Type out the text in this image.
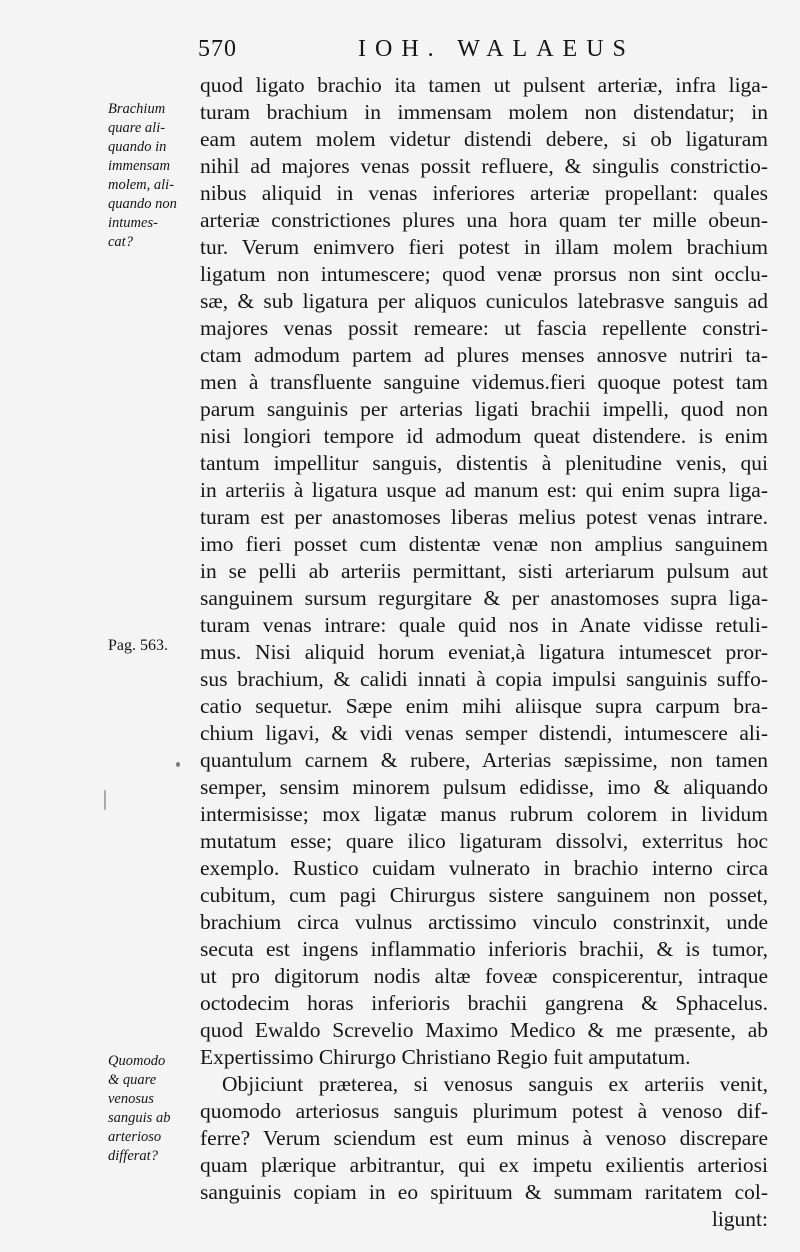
570	IOH. WALAEUS
Brachium
quare ali-
quando in
immensam
molem, ali-
quando non
intumes-
cat?
Pag. 563.
Quomodo
& quare
venosus
sanguis ab
arterioso
differat?
quod ligato brachio ita tamen ut pulsent arteriæ, infra liga-
turam brachium in immensam molem non distendatur; in
eam autem molem videtur distendi debere, si ob ligaturam
nihil ad majores venas possit refluere, & singulis constrictio-
nibus aliquid in venas inferiores arteriæ propellant: quales
arteriæ constrictiones plures una hora quam ter mille obeun-
tur. Verum enimvero fieri potest in illam molem brachium
ligatum non intumescere; quod venæ prorsus non sint occlu-
sæ, & sub ligatura per aliquos cuniculos latebrasve sanguis ad
majores venas possit remeare: ut fascia repellente constri-
ctam admodum partem ad plures menses annosve nutriri ta-
men à transfluente sanguine videmus.fieri quoque potest tam
parum sanguinis per arterias ligati brachii impelli, quod non
nisi longiori tempore id admodum queat distendere. is enim
tantum impellitur sanguis, distentis à plenitudine venis, qui
in arteriis à ligatura usque ad manum est: qui enim supra liga-
turam est per anastomoses liberas melius potest venas intrare.
imo fieri posset cum distentæ venæ non amplius sanguinem
in se pelli ab arteriis permittant, sisti arteriarum pulsum aut
sanguinem sursum regurgitare & per anastomoses supra liga-
turam venas intrare: quale quid nos in Anate vidisse retuli-
mus. Nisi aliquid horum eveniat,à ligatura intumescet pror-
sus brachium, & calidi innati à copia impulsi sanguinis suffo-
catio sequetur. Sæpe enim mihi aliisque supra carpum bra-
chium ligavi, & vidi venas semper distendi, intumescere ali-
quantulum carnem & rubere, Arterias sæpissime, non tamen
semper, sensim minorem pulsum edidisse, imo & aliquando
intermisisse; mox ligatæ manus rubrum colorem in lividum
mutatum esse; quare ilico ligaturam dissolvi, exterritus hoc
exemplo. Rustico cuidam vulnerato in brachio interno circa
cubitum, cum pagi Chirurgus sistere sanguinem non posset,
brachium circa vulnus arctissimo vinculo constrinxit, unde
secuta est ingens inflammatio inferioris brachii, & is tumor,
ut pro digitorum nodis altæ foveæ conspicerentur, intraque
octodecim horas inferioris brachii gangrena & Sphacelus.
quod Ewaldo Screvelio Maximo Medico & me præsente, ab
Expertissimo Chirurgo Christiano Regio fuit amputatum.
Objiciunt præterea, si venosus sanguis ex arteriis venit,
quomodo arteriosus sanguis plurimum potest à venoso dif-
ferre? Verum sciendum est eum minus à venoso discrepare
quam plærique arbitrantur, qui ex impetu exilientis arteriosi
sanguinis copiam in eo spirituum & summam raritatem col-
ligunt:
